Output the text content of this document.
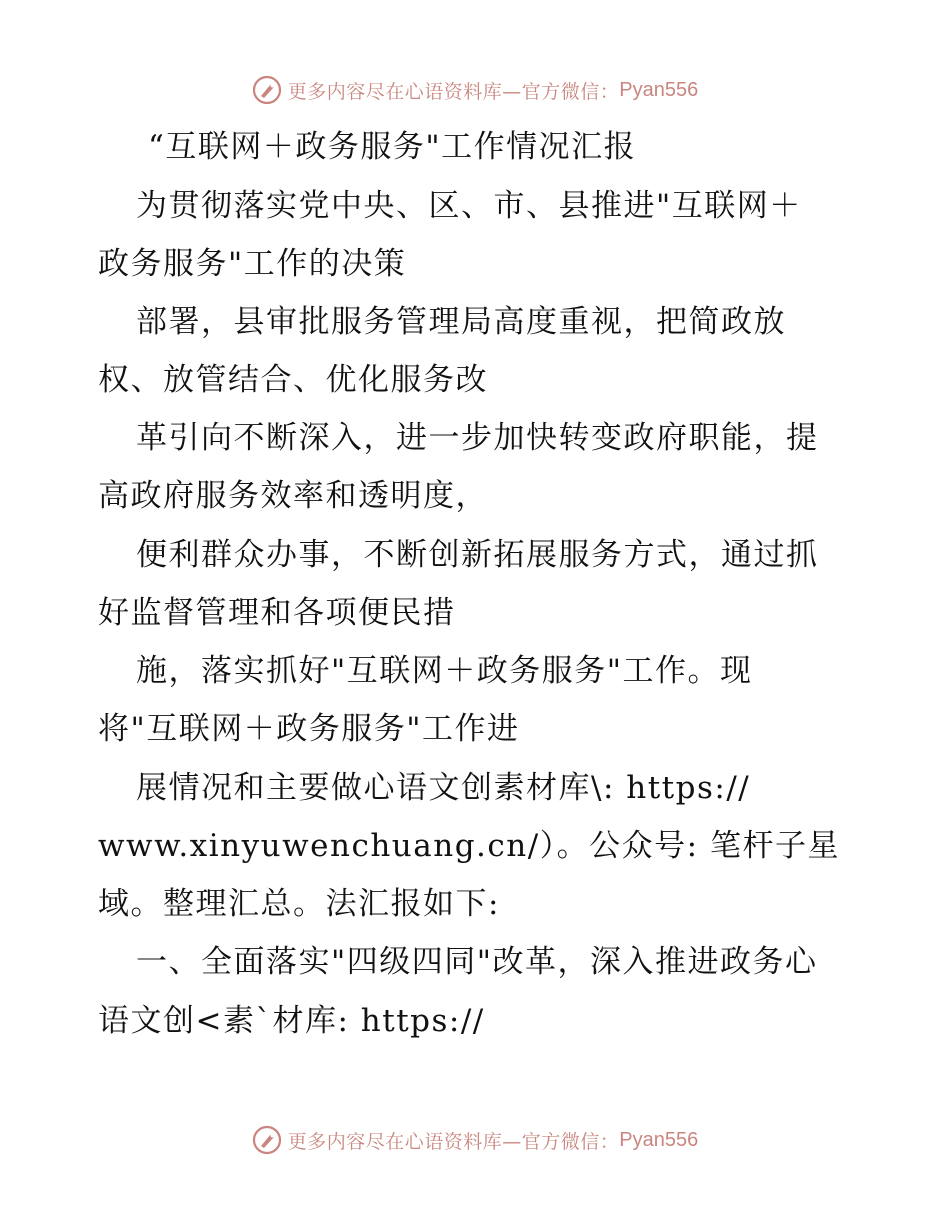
更多内容尽在心语资料库—官方微信： Pyan556
“互联网＋政务服务"工作情况汇报
为贯彻落实党中央、区、市、县推进"互联网＋
政务服务"工作的决策
部署，县审批服务管理局高度重视，把简政放
权、放管结合、优化服务改
革引向不断深入，进一步加快转变政府职能，提
高政府服务效率和透明度，
便利群众办事，不断创新拓展服务方式，通过抓
好监督管理和各项便民措
施，落实抓好"互联网＋政务服务"工作。现
将"互联网＋政务服务"工作进
展情况和主要做心语文创素材库\: https://
www.xinyuwenchuang.cn/）。公众号: 笔杆子星
域。整理汇总。法汇报如下:
一、全面落实"四级四同"改革，深入推进政务心
语文创<素`材库: https://
更多内容尽在心语资料库—官方微信： Pyan556
